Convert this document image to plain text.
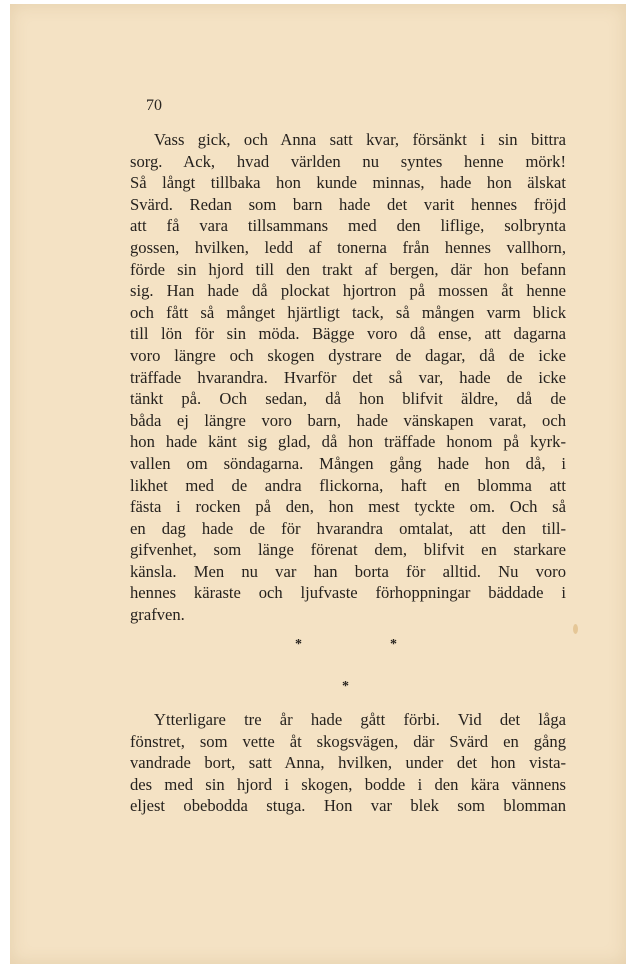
70
Vass gick, och Anna satt kvar, försänkt i sin bittra
sorg. Ack, hvad världen nu syntes henne mörk!
Så långt tillbaka hon kunde minnas, hade hon älskat
Svärd. Redan som barn hade det varit hennes fröjd
att få vara tillsammans med den liflige, solbrynta
gossen, hvilken, ledd af tonerna från hennes vallhorn,
förde sin hjord till den trakt af bergen, där hon befann
sig. Han hade då plockat hjortron på mossen åt henne
och fått så månget hjärtligt tack, så mången varm blick
till lön för sin möda. Bägge voro då ense, att dagarna
voro längre och skogen dystrare de dagar, då de icke
träffade hvarandra. Hvarför det så var, hade de icke
tänkt på. Och sedan, då hon blifvit äldre, då de
båda ej längre voro barn, hade vänskapen varat, och
hon hade känt sig glad, då hon träffade honom på kyrk-
vallen om söndagarna. Mången gång hade hon då, i
likhet med de andra flickorna, haft en blomma att
fästa i rocken på den, hon mest tyckte om. Och så
en dag hade de för hvarandra omtalat, att den till-
gifvenhet, som länge förenat dem, blifvit en starkare
känsla. Men nu var han borta för alltid. Nu voro
hennes käraste och ljufvaste förhoppningar bäddade i
grafven.
*	*
*
Ytterligare tre år hade gått förbi. Vid det låga
fönstret, som vette åt skogsvägen, där Svärd en gång
vandrade bort, satt Anna, hvilken, under det hon vista-
des med sin hjord i skogen, bodde i den kära vännens
eljest obebodda stuga. Hon var blek som blomman
